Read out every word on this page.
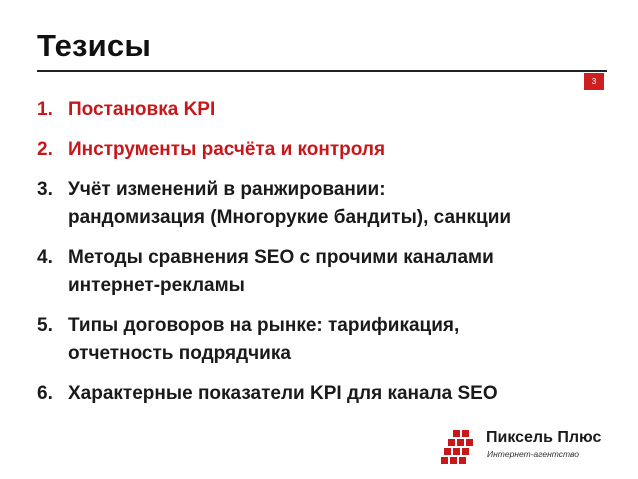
Тезисы
3
1. Постановка KPI
2. Инструменты расчёта и контроля
3. Учёт изменений в ранжировании:
рандомизация (Многорукие бандиты), санкции
4. Методы сравнения SEO с прочими каналами
интернет-рекламы
5. Типы договоров на рынке: тарификация,
отчетность подрядчика
6. Характерные показатели KPI для канала SEO
Пиксель Плюс
Интернет-агентство
